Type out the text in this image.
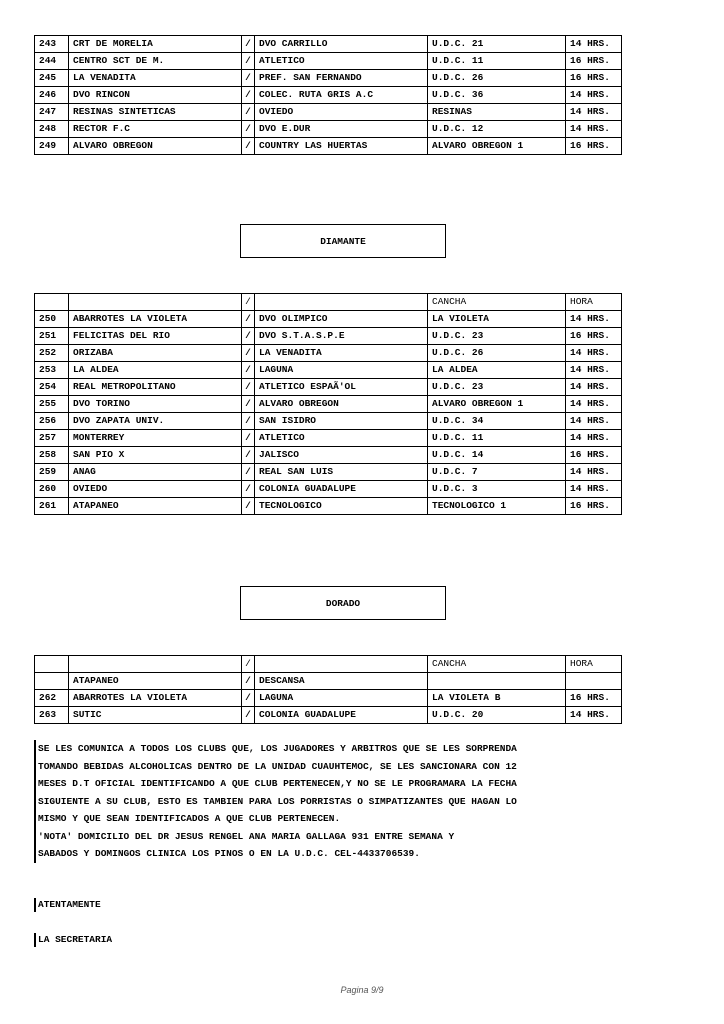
243	CRT DE MORELIA	/	DVO CARRILLO	U.D.C. 21	14 HRS.
244	CENTRO SCT DE M.	/	ATLETICO	U.D.C. 11	16 HRS.
245	LA VENADITA	/	PREF. SAN FERNANDO	U.D.C. 26	16 HRS.
246	DVO RINCON	/	COLEC. RUTA GRIS A.C	U.D.C. 36	14 HRS.
247	RESINAS SINTETICAS	/	OVIEDO	RESINAS	14 HRS.
248	RECTOR F.C	/	DVO E.DUR	U.D.C. 12	14 HRS.
249	ALVARO OBREGON	/	COUNTRY LAS HUERTAS	ALVARO OBREGON 1	16 HRS.
DIAMANTE
		/		CANCHA	HORA
250	ABARROTES LA VIOLETA	/	DVO OLIMPICO	LA VIOLETA	14 HRS.
251	FELICITAS DEL RIO	/	DVO S.T.A.S.P.E	U.D.C. 23	16 HRS.
252	ORIZABA	/	LA VENADITA	U.D.C. 26	14 HRS.
253	LA ALDEA	/	LAGUNA	LA ALDEA	14 HRS.
254	REAL METROPOLITANO	/	ATLETICO ESPAÃ'OL	U.D.C. 23	14 HRS.
255	DVO TORINO	/	ALVARO OBREGON	ALVARO OBREGON 1	14 HRS.
256	DVO ZAPATA UNIV.	/	SAN ISIDRO	U.D.C. 34	14 HRS.
257	MONTERREY	/	ATLETICO	U.D.C. 11	14 HRS.
258	SAN PIO X	/	JALISCO	U.D.C. 14	16 HRS.
259	ANAG	/	REAL SAN LUIS	U.D.C. 7	14 HRS.
260	OVIEDO	/	COLONIA GUADALUPE	U.D.C. 3	14 HRS.
261	ATAPANEO	/	TECNOLOGICO	TECNOLOGICO 1	16 HRS.
DORADO
		/		CANCHA	HORA
	ATAPANEO	/	DESCANSA		
262	ABARROTES LA VIOLETA	/	LAGUNA	LA VIOLETA B	16 HRS.
263	SUTIC	/	COLONIA GUADALUPE	U.D.C. 20	14 HRS.
SE LES COMUNICA A TODOS LOS CLUBS QUE, LOS JUGADORES Y ARBITROS QUE SE LES SORPRENDA
TOMANDO BEBIDAS ALCOHOLICAS DENTRO DE LA UNIDAD CUAUHTEMOC, SE LES SANCIONARA CON 12
MESES D.T OFICIAL IDENTIFICANDO A QUE CLUB PERTENECEN,Y NO SE LE PROGRAMARA LA FECHA
SIGUIENTE A SU CLUB, ESTO ES TAMBIEN PARA LOS PORRISTAS O SIMPATIZANTES QUE HAGAN LO
MISMO Y QUE SEAN IDENTIFICADOS A QUE CLUB PERTENECEN.
'NOTA' DOMICILIO DEL DR JESUS RENGEL ANA MARIA GALLAGA 931 ENTRE SEMANA Y
SABADOS Y DOMINGOS CLINICA LOS PINOS O EN LA U.D.C. CEL-4433706539.
ATENTAMENTE
LA SECRETARIA
Pagina 9/9
